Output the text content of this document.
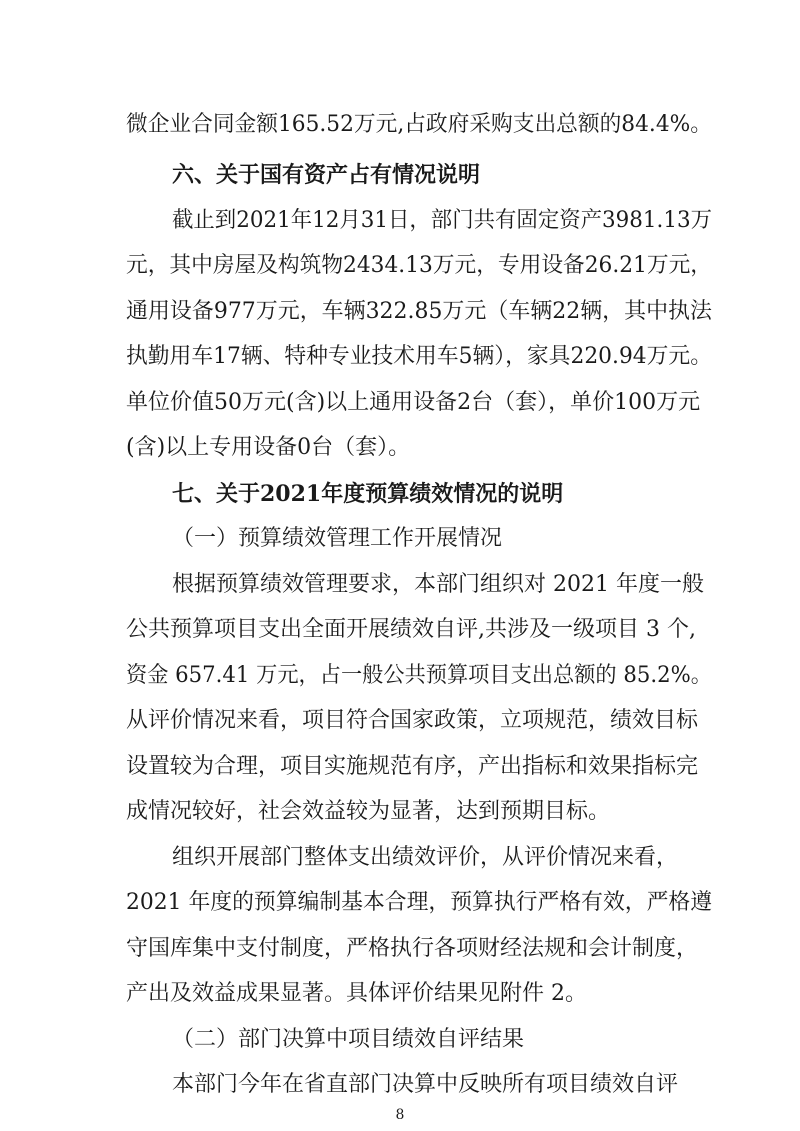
微企业合同金额165.52万元,占政府采购支出总额的84.4%。
六、关于国有资产占有情况说明
截止到2021年12月31日，部门共有固定资产3981.13万
元，其中房屋及构筑物2434.13万元，专用设备26.21万元，
通用设备977万元，车辆322.85万元（车辆22辆，其中执法
执勤用车17辆、特种专业技术用车5辆），家具220.94万元。
单位价值50万元(含)以上通用设备2台（套），单价100万元
(含)以上专用设备0台（套）。
七、关于2021年度预算绩效情况的说明
（一）预算绩效管理工作开展情况
根据预算绩效管理要求，本部门组织对 2021 年度一般
公共预算项目支出全面开展绩效自评,共涉及一级项目 3 个,
资金 657.41 万元，占一般公共预算项目支出总额的 85.2%。
从评价情况来看，项目符合国家政策，立项规范，绩效目标
设置较为合理，项目实施规范有序，产出指标和效果指标完
成情况较好，社会效益较为显著，达到预期目标。
组织开展部门整体支出绩效评价，从评价情况来看，
2021 年度的预算编制基本合理，预算执行严格有效，严格遵
守国库集中支付制度，严格执行各项财经法规和会计制度，
产出及效益成果显著。具体评价结果见附件 2。
（二）部门决算中项目绩效自评结果
本部门今年在省直部门决算中反映所有项目绩效自评
8
